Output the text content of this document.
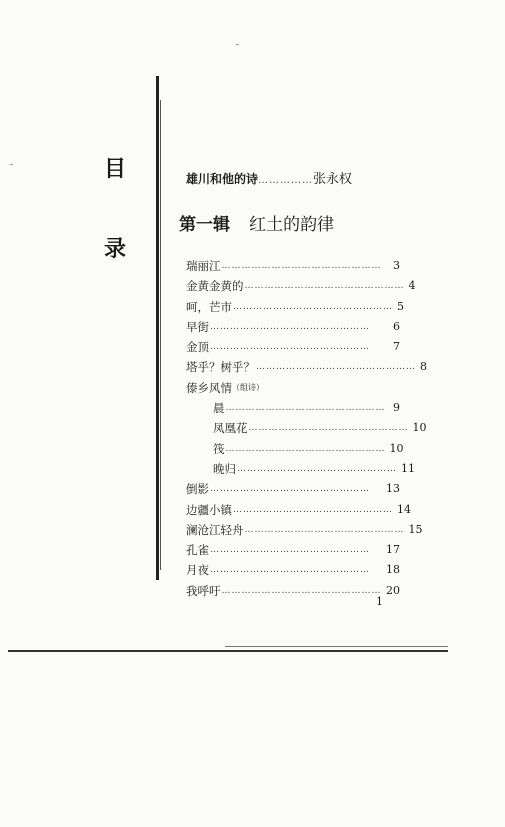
目
录
雄川和他的诗……………张永权
第一辑 红土的韵律
瑞丽江 …………………………………………	3
金黄金黄的 ………………………………………… 4
呵，芒市 ………………………………………… 5
早街 …………………………………………	6
金顶 …………………………………………	7
塔乎？树乎？ ………………………………………… 8
傣乡风情 （组诗）
晨 ………………………………………… 9
凤凰花 ………………………………………… 10
筏 ………………………………………… 10
晚归 ………………………………………… 11
倒影 …………………………………………	13
边疆小镇 ………………………………………… 14
澜沧江轻舟 ………………………………………… 15
孔雀 …………………………………………	17
月夜 …………………………………………	18
我呼吁 ………………………………………… 20
1
